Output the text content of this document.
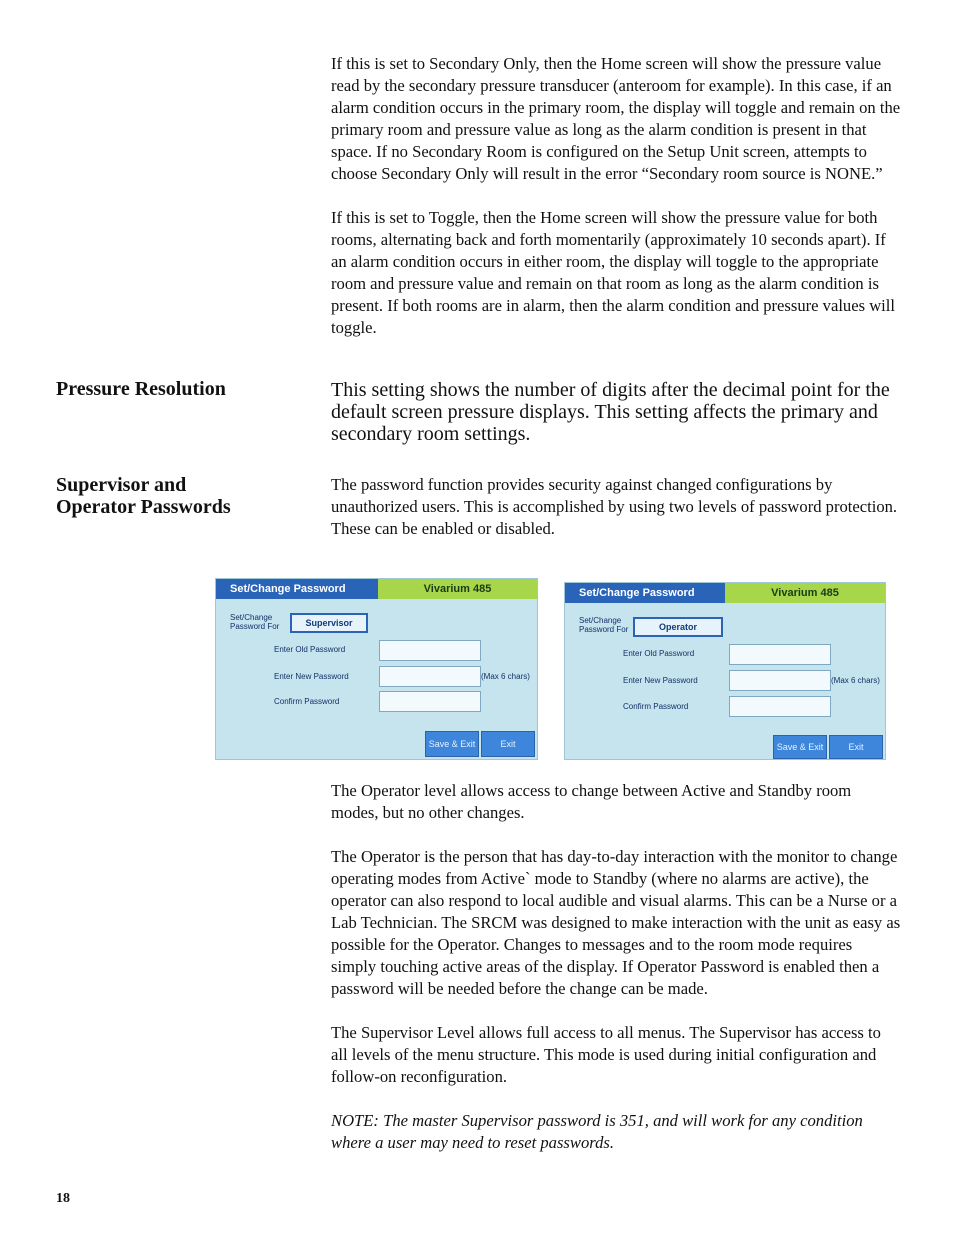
If this is set to Secondary Only, then the Home screen will show the pressure value read by the secondary pressure transducer (anteroom for example). In this case, if an alarm condition occurs in the primary room, the display will toggle and remain on the primary room and pressure value as long as the alarm condition is present in that space. If no Secondary Room is configured on the Setup Unit screen, attempts to choose Secondary Only will result in the error “Secondary room source is NONE.”

If this is set to Toggle, then the Home screen will show the pressure value for both rooms, alternating back and forth momentarily (approximately 10 seconds apart). If an alarm condition occurs in either room, the display will toggle to the appropriate room and pressure value and remain on that room as long as the alarm condition is present. If both rooms are in alarm, then the alarm condition and pressure values will toggle.

Pressure Resolution	This setting shows the number of digits after the decimal point for the default screen pressure displays. This setting affects the primary and secondary room settings.
Supervisor and
Operator Passwords
The password function provides security against changed configurations by unauthorized users. This is accomplished by using two levels of password protection. These can be enabled or disabled.
Set/Change Password	Vivarium 485
Set/Change
Password For	Supervisor
Enter Old Password
Enter New Password	(Max 6 chars)
Confirm Password
Save & Exit	Exit
Set/Change Password	Vivarium 485
Set/Change
Password For	Operator
Enter Old Password
Enter New Password	(Max 6 chars)
Confirm Password
Save & Exit	Exit

The Operator level allows access to change between Active and Standby room modes, but no other changes.

The Operator is the person that has day-to-day interaction with the monitor to change operating modes from Active` mode to Standby (where no alarms are active), the operator can also respond to local audible and visual alarms. This can be a Nurse or a Lab Technician. The SRCM was designed to make interaction with the unit as easy as possible for the Operator. Changes to messages and to the room mode requires simply touching active areas of the display. If Operator Password is enabled then a password will be needed before the change can be made.

The Supervisor Level allows full access to all menus. The Supervisor has access to all levels of the menu structure. This mode is used during initial configuration and follow-on reconfiguration.

NOTE: The master Supervisor password is 351, and will work for any condition where a user may need to reset passwords.

18
